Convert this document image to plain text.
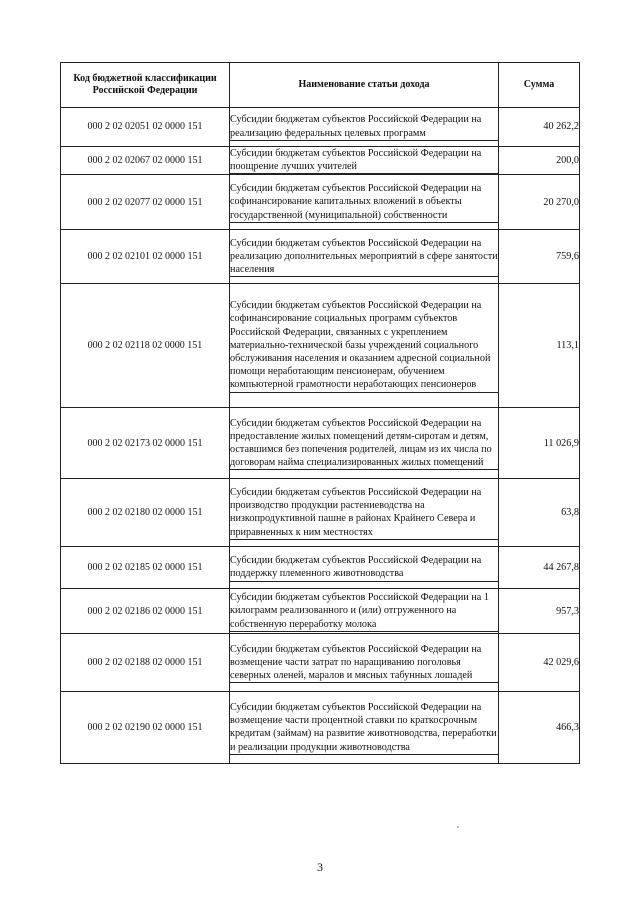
Код бюджетной классификации Российской Федерации	Наименование статьи дохода	Сумма
000 2 02 02051 02 0000 151	Субсидии бюджетам субъектов Российской Федерации на реализацию федеральных целевых программ	40 262,2
000 2 02 02067 02 0000 151	Субсидии бюджетам субъектов Российской Федерации на поощрение лучших учителей	200,0
000 2 02 02077 02 0000 151	Субсидии бюджетам субъектов Российской Федерации на софинансирование капитальных вложений в объекты государственной (муниципальной) собственности	20 270,0
000 2 02 02101 02 0000 151	Субсидии бюджетам субъектов Российской Федерации на реализацию дополнительных мероприятий в сфере занятости населения	759,6
000 2 02 02118 02 0000 151	Субсидии бюджетам субъектов Российской Федерации на софинансирование социальных программ субъектов Российской Федерации, связанных с укреплением материально-технической базы учреждений социального обслуживания населения и оказанием адресной социальной помощи неработающим пенсионерам, обучением компьютерной грамотности неработающих пенсионеров	113,1
000 2 02 02173 02 0000 151	Субсидии бюджетам субъектов Российской Федерации на предоставление жилых помещений детям-сиротам и детям, оставшимся без попечения родителей, лицам из их числа по договорам найма специализированных жилых помещений	11 026,9
000 2 02 02180 02 0000 151	Субсидии бюджетам субъектов Российской Федерации на производство продукции растениеводства на низкопродуктивной пашне в районах Крайнего Севера и приравненных к ним местностях	63,8
000 2 02 02185 02 0000 151	Субсидии бюджетам субъектов Российской Федерации на поддержку племенного животноводства	44 267,8
000 2 02 02186 02 0000 151	Субсидии бюджетам субъектов Российской Федерации на 1 килограмм реализованного и (или) отгруженного на собственную переработку молока	957,3
000 2 02 02188 02 0000 151	Субсидии бюджетам субъектов Российской Федерации на возмещение части затрат по наращиванию поголовья северных оленей, маралов и мясных табунных лошадей	42 029,6
000 2 02 02190 02 0000 151	Субсидии бюджетам субъектов Российской Федерации на возмещение части процентной ставки по краткосрочным кредитам (займам) на развитие животноводства, переработки и реализации продукции животноводства	466,3
3
